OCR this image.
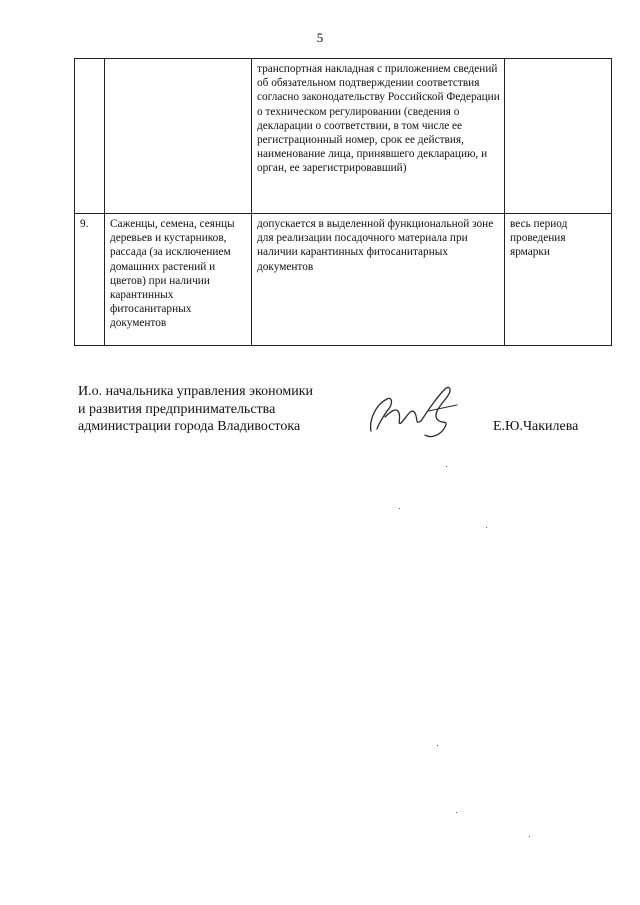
5
		транспортная накладная с приложением сведений об обязательном подтверждении соответствия согласно законодательству Российской Федерации о техническом регулировании (сведения о декларации о соответствии, в том числе ее регистрационный номер, срок ее действия, наименование лица, принявшего декларацию, и орган, ее зарегистрировавший)	
9.	Саженцы, семена, сеянцы деревьев и кустарников, рассада (за исключением домашних растений и цветов) при наличии карантинных фитосанитарных документов	допускается в выделенной функциональной зоне для реализации посадочного материала при наличии карантинных фитосанитарных документов	весь период проведения ярмарки
И.о. начальника управления экономики
и развития предпринимательства
администрации города Владивостока	Е.Ю.Чакилева
